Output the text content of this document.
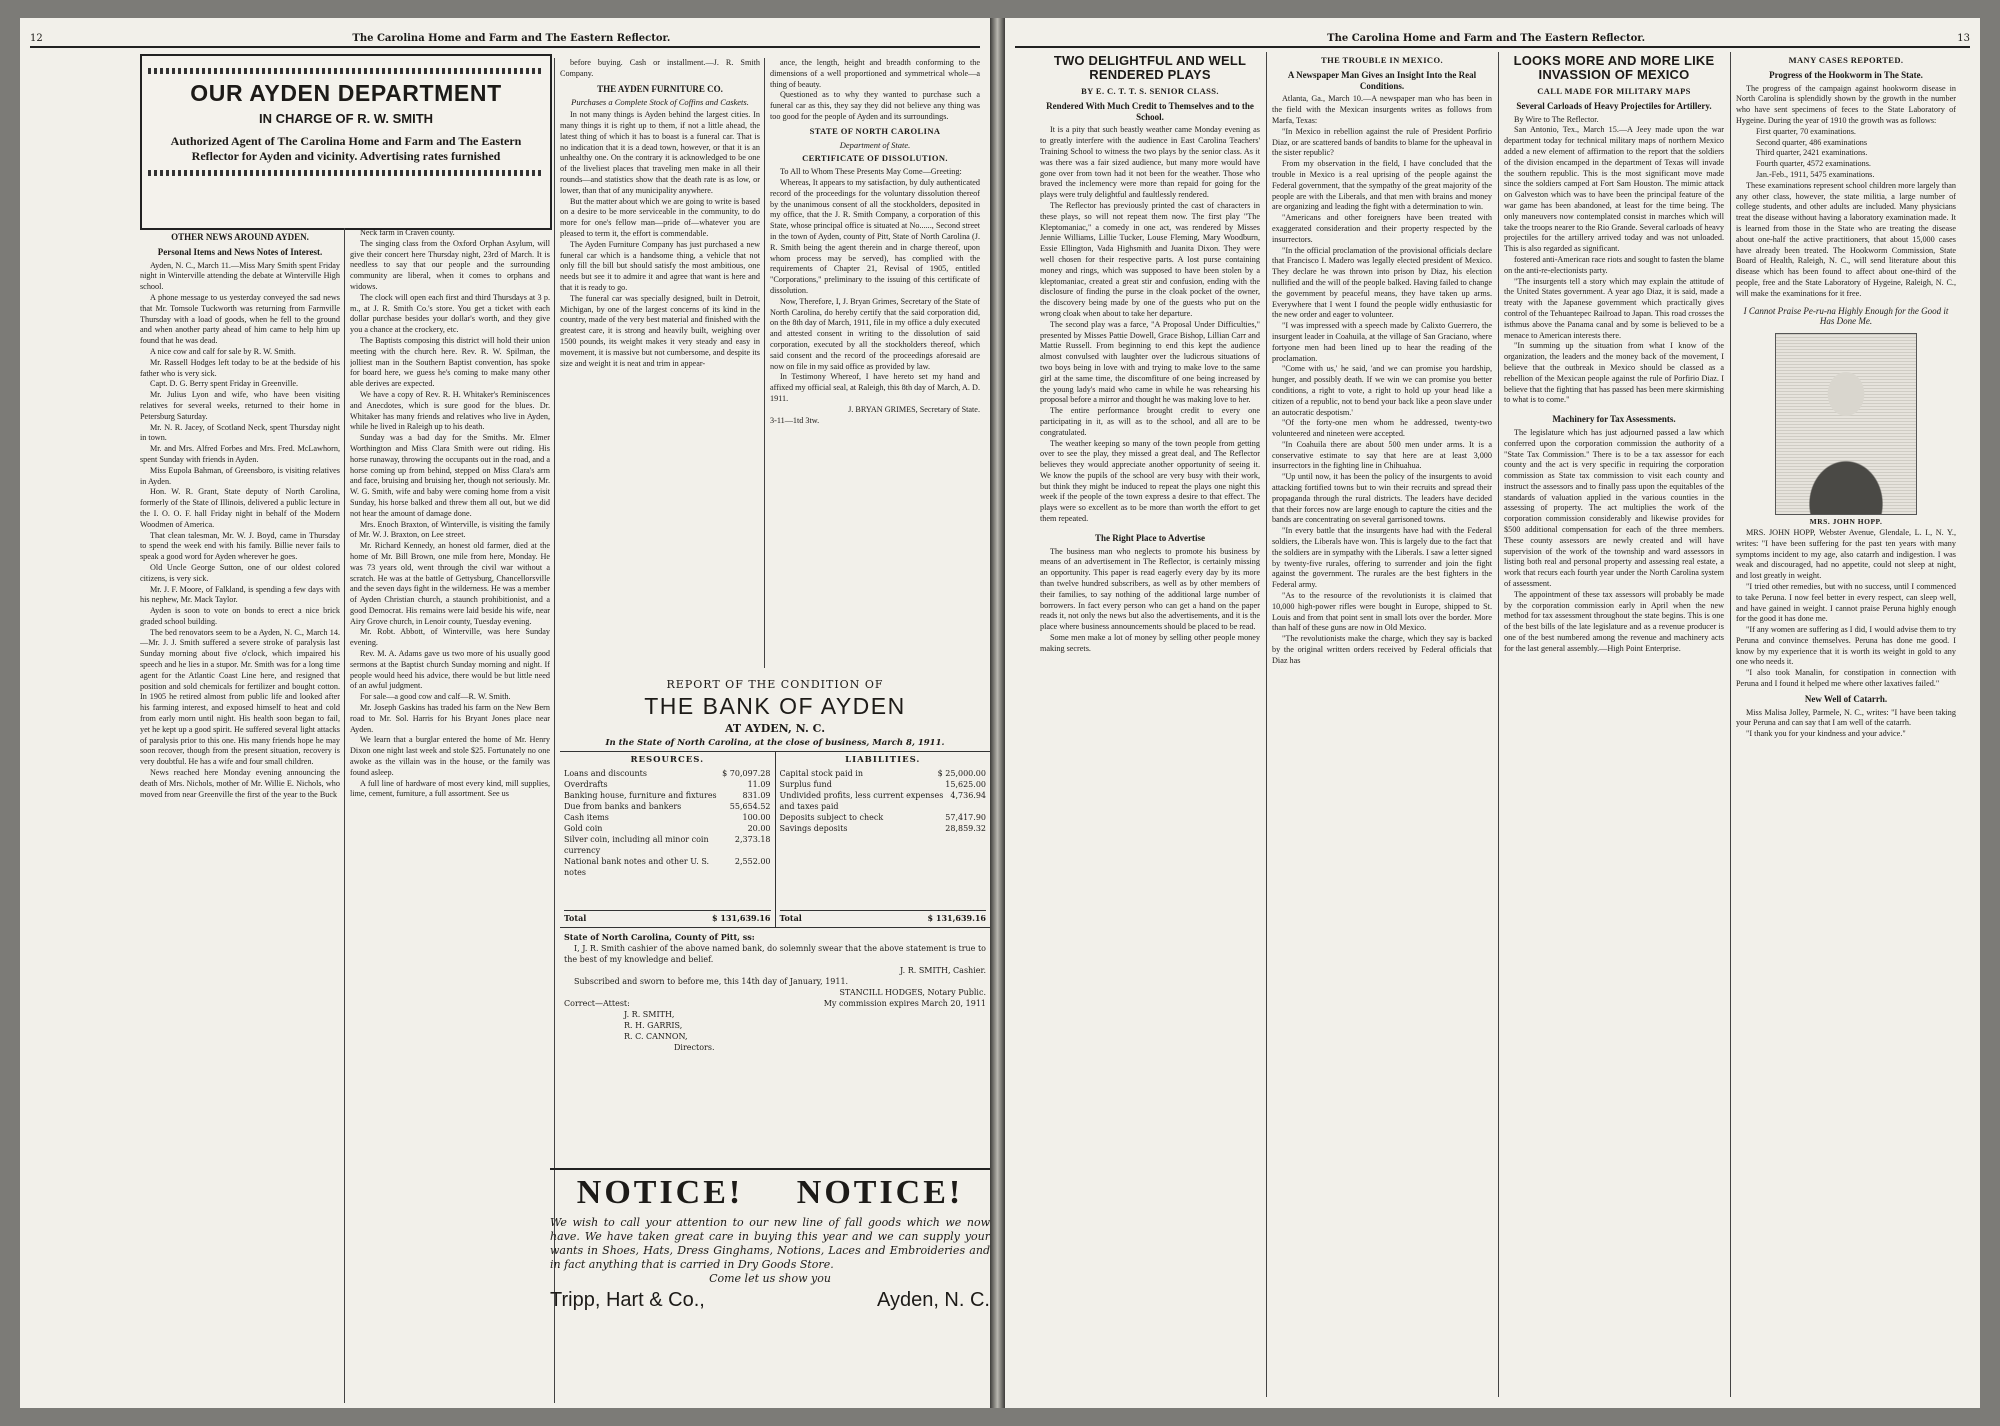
12	The Carolina Home and Farm and The Eastern Reflector.
OUR AYDEN DEPARTMENT
IN CHARGE OF R. W. SMITH
Authorized Agent of The Carolina Home and Farm and The Eastern Reflector for Ayden and vicinity. Advertising rates furnished
OTHER NEWS AROUND AYDEN.
Personal Items and News Notes of Interest.

Ayden, N. C., March 11.—Miss Mary Smith spent Friday night in Winterville attending the debate at Winterville High school.

A phone message to us yesterday conveyed the sad news that Mr. Tomsole Tuckworth was returning from Farmville Thursday with a load of goods, when he fell to the ground and when another party ahead of him came to help him up found that he was dead.

A nice cow and calf for sale by R. W. Smith.

Mr. Rassell Hodges left today to be at the bedside of his father who is very sick.

Capt. D. G. Berry spent Friday in Greenville.

Mr. Julius Lyon and wife, who have been visiting relatives for several weeks, returned to their home in Petersburg Saturday.

Mr. N. R. Jacey, of Scotland Neck, spent Thursday night in town.

Mr. and Mrs. Alfred Forbes and Mrs. Fred. McLawhorn, spent Sunday with friends in Ayden.

Miss Eupola Bahman, of Greensboro, is visiting relatives in Ayden.

Hon. W. R. Grant, State deputy of North Carolina, formerly of the State of Illinois, delivered a public lecture in the I. O. O. F. hall Friday night in behalf of the Modern Woodmen of America.

That clean talesman, Mr. W. J. Boyd, came in Thursday to spend the week end with his family. Billie never fails to speak a good word for Ayden wherever he goes.

Old Uncle George Sutton, one of our oldest colored citizens, is very sick.

Mr. J. F. Moore, of Falkland, is spending a few days with his nephew, Mr. Mack Taylor.

Ayden is soon to vote on bonds to erect a nice brick graded school building.

The bed renovators seem to be a Ayden, N. C., March 14.—Mr. J. J. Smith suffered a severe stroke of paralysis last Sunday morning about five o'clock, which impaired his speech and he lies in a stupor. Mr. Smith was for a long time agent for the Atlantic Coast Line here, and resigned that position and sold chemicals for fertilizer and bought cotton. In 1905 he retired almost from public life and looked after his farming interest, and exposed himself to heat and cold from early morn until night. His health soon began to fail, yet he kept up a good spirit. He suffered several light attacks of paralysis prior to this one. His many friends hope he may soon recover, though from the present situation, recovery is very doubtful. He has a wife and four small children.

News reached here Monday evening announcing the death of Mrs. Nichols, mother of Mr. Willie E. Nichols, who moved from near Greenville the first of the year to the Buck

Neck farm in Craven county.

The singing class from the Oxford Orphan Asylum, will give their concert here Thursday night, 23rd of March. It is needless to say that our people and the surrounding community are liberal, when it comes to orphans and widows.

The clock will open each first and third Thursdays at 3 p. m., at J. R. Smith Co.'s store. You get a ticket with each dollar purchase besides your dollar's worth, and they give you a chance at the crockery, etc.

The Baptists composing this district will hold their union meeting with the church here. Rev. R. W. Spilman, the jolliest man in the Southern Baptist convention, has spoke for board here, we guess he's coming to make many other able derives are expected.

We have a copy of Rev. R. H. Whitaker's Reminiscences and Anecdotes, which is sure good for the blues. Dr. Whitaker has many friends and relatives who live in Ayden, while he lived in Raleigh up to his death.

Sunday was a bad day for the Smiths. Mr. Elmer Worthington and Miss Clara Smith were out riding. His horse runaway, throwing the occupants out in the road, and a horse coming up from behind, stepped on Miss Clara's arm and face, bruising and bruising her, though not seriously. Mr. W. G. Smith, wife and baby were coming home from a visit Sunday, his horse balked and threw them all out, but we did not hear the amount of damage done.

Mrs. Enoch Braxton, of Winterville, is visiting the family of Mr. W. J. Braxton, on Lee street.

Mr. Richard Kennedy, an honest old farmer, died at the home of Mr. Bill Brown, one mile from here, Monday. He was 73 years old, went through the civil war without a scratch. He was at the battle of Gettysburg, Chancellorsville and the seven days fight in the wilderness. He was a member of Ayden Christian church, a staunch prohibitionist, and a good Democrat. His remains were laid beside his wife, near Airy Grove church, in Lenoir county, Tuesday evening.

Mr. Robt. Abbott, of Winterville, was here Sunday evening.

Rev. M. A. Adams gave us two more of his usually good sermons at the Baptist church Sunday morning and night. If people would heed his advice, there would be but little need of an awful judgment.

For sale—a good cow and calf—R. W. Smith.

Mr. Joseph Gaskins has traded his farm on the New Bern road to Mr. Sol. Harris for his Bryant Jones place near Ayden.

We learn that a burglar entered the home of Mr. Henry Dixon one night last week and stole $25. Fortunately no one awoke as the villain was in the house, or the family was found asleep.

A full line of hardware of most every kind, mill supplies, lime, cement, furniture, a full assortment. See us

before buying. Cash or installment.—J. R. Smith Company.

THE AYDEN FURNITURE CO.
Purchases a Complete Stock of Coffins and Caskets.

In not many things is Ayden behind the largest cities. In many things it is right up to them, if not a little ahead, the latest thing of which it has to boast is a funeral car. That is no indication that it is a dead town, however, or that it is an unhealthy one. On the contrary it is acknowledged to be one of the liveliest places that traveling men make in all their rounds—and statistics show that the death rate is as low, or lower, than that of any municipality anywhere.

But the matter about which we are going to write is based on a desire to be more serviceable in the community, to do more for one's fellow man—pride of—whatever you are pleased to term it, the effort is commendable.

The Ayden Furniture Company has just purchased a new funeral car which is a handsome thing, a vehicle that not only fill the bill but should satisfy the most ambitious, one needs but see it to admire it and agree that want is here and that it is ready to go.

The funeral car was specially designed, built in Detroit, Michigan, by one of the largest concerns of its kind in the country, made of the very best material and finished with the greatest care, it is strong and heavily built, weighing over 1500 pounds, its weight makes it very steady and easy in movement, it is massive but not cumbersome, and despite its size and weight it is neat and trim in appear-

ance, the length, height and breadth conforming to the dimensions of a well proportioned and symmetrical whole—a thing of beauty.

Questioned as to why they wanted to purchase such a funeral car as this, they say they did not believe any thing was too good for the people of Ayden and its surroundings.

STATE OF NORTH CAROLINA
Department of State.
CERTIFICATE OF DISSOLUTION.

To All to Whom These Presents May Come—Greeting:

Whereas, It appears to my satisfaction, by duly authenticated record of the proceedings for the voluntary dissolution thereof by the unanimous consent of all the stockholders, deposited in my office, that the J. R. Smith Company, a corporation of this State, whose principal office is situated at No......, Second street in the town of Ayden, county of Pitt, State of North Carolina (J. R. Smith being the agent therein and in charge thereof, upon whom process may be served), has complied with the requirements of Chapter 21, Revisal of 1905, entitled "Corporations," preliminary to the issuing of this certificate of dissolution.

Now, Therefore, I, J. Bryan Grimes, Secretary of the State of North Carolina, do hereby certify that the said corporation did, on the 8th day of March, 1911, file in my office a duly executed and attested consent in writing to the dissolution of said corporation, executed by all the stockholders thereof, which said consent and the record of the proceedings aforesaid are now on file in my said office as provided by law.

In Testimony Whereof, I have hereto set my hand and affixed my official seal, at Raleigh, this 8th day of March, A. D. 1911.

J. BRYAN GRIMES, Secretary of State.
3-11—1td 3tw.
REPORT OF THE CONDITION OF
THE BANK OF AYDEN
AT AYDEN, N. C.
In the State of North Carolina, at the close of business, March 8, 1911.
RESOURCES.
Loans and discounts	$ 70,097.28
Overdrafts	11.09
Banking house, furniture and fixtures	831.09
Due from banks and bankers	55,654.52
Cash items	100.00
Gold coin	20.00
Silver coin, including all minor coin currency
2,373.18
National bank notes and other U. S. notes
2,552.00
Total	$ 131,639.16
LIABILITIES.
Capital stock paid in	$ 25,000.00
Surplus fund	15,625.00
Undivided profits, less current expenses and taxes paid
4,736.94
Deposits subject to check	57,417.90
Savings deposits	28,859.32
Total	$ 131,639.16
State of North Carolina, County of Pitt, ss:
I, J. R. Smith cashier of the above named bank, do solemnly swear that the above statement is true to the best of my knowledge and belief.
J. R. SMITH, Cashier.
Subscribed and sworn to before me, this 14th day of January, 1911.
STANCILL HODGES, Notary Public.
Correct—Attest:
J. R. SMITH,
R. H. GARRIS,
R. C. CANNON,
Directors.
My commission expires March 20, 1911
NOTICE! NOTICE!
We wish to call your attention to our new line of fall goods which we now have. We have taken great care in buying this year and we can supply your wants in Shoes, Hats, Dress Ginghams, Notions, Laces and Embroideries and in fact anything that is carried in Dry Goods Store.
Come let us show you
Tripp, Hart & Co.,	Ayden, N. C.
The Carolina Home and Farm and The Eastern Reflector.	13
TWO DELIGHTFUL AND WELL RENDERED PLAYS
BY E. C. T. T. S. SENIOR CLASS.
Rendered With Much Credit to Themselves and to the School.

It is a pity that such beastly weather came Monday evening as to greatly interfere with the audience in East Carolina Teachers' Training School to witness the two plays by the senior class. As it was there was a fair sized audience, but many more would have gone over from town had it not been for the weather. Those who braved the inclemency were more than repaid for going for the plays were truly delightful and faultlessly rendered.

The Reflector has previously printed the cast of characters in these plays, so will not repeat them now. The first play "The Kleptomaniac," a comedy in one act, was rendered by Misses Jennie Williams, Lillie Tucker, Louse Fleming, Mary Woodburn, Essie Ellington, Vada Highsmith and Juanita Dixon. They were well chosen for their respective parts. A lost purse containing money and rings, which was supposed to have been stolen by a kleptomaniac, created a great stir and confusion, ending with the disclosure of finding the purse in the cloak pocket of the owner, the discovery being made by one of the guests who put on the wrong cloak when about to take her departure.

The second play was a farce, "A Proposal Under Difficulties," presented by Misses Pattie Dowell, Grace Bishop, Lillian Carr and Mattie Russell. From beginning to end this kept the audience almost convulsed with laughter over the ludicrous situations of two boys being in love with and trying to make love to the same girl at the same time, the discomfiture of one being increased by the young lady's maid who came in while he was rehearsing his proposal before a mirror and thought he was making love to her.

The entire performance brought credit to every one participating in it, as will as to the school, and all are to be congratulated.

The weather keeping so many of the town people from getting over to see the play, they missed a great deal, and The Reflector believes they would appreciate another opportunity of seeing it. We know the pupils of the school are very busy with their work, but think they might be induced to repeat the plays one night this week if the people of the town express a desire to that effect. The plays were so excellent as to be more than worth the effort to get them repeated.

The Right Place to Advertise

The business man who neglects to promote his business by means of an advertisement in The Reflector, is certainly missing an opportunity. This paper is read eagerly every day by its more than twelve hundred subscribers, as well as by other members of their families, to say nothing of the additional large number of borrowers. In fact every person who can get a hand on the paper reads it, not only the news but also the advertisements, and it is the place where business announcements should be placed to be read.

Some men make a lot of money by selling other people money making secrets.

THE TROUBLE IN MEXICO.
A Newspaper Man Gives an Insight Into the Real Conditions.

Atlanta, Ga., March 10.—A newspaper man who has been in the field with the Mexican insurgents writes as follows from Marfa, Texas:

"In Mexico in rebellion against the rule of President Porfirio Diaz, or are scattered bands of bandits to blame for the upheaval in the sister republic?

From my observation in the field, I have concluded that the trouble in Mexico is a real uprising of the people against the Federal government, that the sympathy of the great majority of the people are with the Liberals, and that men with brains and money are organizing and leading the fight with a determination to win.

"Americans and other foreigners have been treated with exaggerated consideration and their property respected by the insurrectors.

"In the official proclamation of the provisional officials declare that Francisco I. Madero was legally elected president of Mexico. They declare he was thrown into prison by Diaz, his election nullified and the will of the people balked. Having failed to change the government by peaceful means, they have taken up arms. Everywhere that I went I found the people widly enthusiastic for the new order and eager to volunteer.

"I was impressed with a speech made by Calixto Guerrero, the insurgent leader in Coahuila, at the village of San Graciano, where fortyone men had been lined up to hear the reading of the proclamation.

"Come with us,' he said, 'and we can promise you hardship, hunger, and possibly death. If we win we can promise you better conditions, a right to vote, a right to hold up your head like a citizen of a republic, not to bend your back like a peon slave under an autocratic despotism.'

"Of the forty-one men whom he addressed, twenty-two volunteered and nineteen were accepted.

"In Coahuila there are about 500 men under arms. It is a conservative estimate to say that here are at least 3,000 insurrectors in the fighting line in Chihuahua.

"Up until now, it has been the policy of the insurgents to avoid attacking fortified towns but to win their recruits and spread their propaganda through the rural districts. The leaders have decided that their forces now are large enough to capture the cities and the bands are concentrating on several garrisoned towns.

"In every battle that the insurgents have had with the Federal soldiers, the Liberals have won. This is largely due to the fact that the soldiers are in sympathy with the Liberals. I saw a letter signed by twenty-five rurales, offering to surrender and join the fight against the government. The rurales are the best fighters in the Federal army.

"As to the resource of the revolutionists it is claimed that 10,000 high-power rifles were bought in Europe, shipped to St. Louis and from that point sent in small lots over the border. More than half of these guns are now in Old Mexico.

"The revolutionists make the charge, which they say is backed by the original written orders received by Federal officials that Diaz has

LOOKS MORE AND MORE LIKE INVASSION OF MEXICO
CALL MADE FOR MILITARY MAPS
Several Carloads of Heavy Projectiles for Artillery.

By Wire to The Reflector.

San Antonio, Tex., March 15.—A Jeey made upon the war department today for technical military maps of northern Mexico added a new element of affirmation to the report that the soldiers of the division encamped in the department of Texas will invade the southern republic. This is the most significant move made since the soldiers camped at Fort Sam Houston. The mimic attack on Galveston which was to have been the principal feature of the war game has been abandoned, at least for the time being. The only maneuvers now contemplated consist in marches which will take the troops nearer to the Rio Grande. Several carloads of heavy projectiles for the artillery arrived today and was not unloaded. This is also regarded as significant.

fostered anti-American race riots and sought to fasten the blame on the anti-re-electionists party.

"The insurgents tell a story which may explain the attitude of the United States government. A year ago Diaz, it is said, made a treaty with the Japanese government which practically gives control of the Tehuantepec Railroad to Japan. This road crosses the isthmus above the Panama canal and by some is believed to be a menace to American interests there.

"In summing up the situation from what I know of the organization, the leaders and the money back of the movement, I believe that the outbreak in Mexico should be classed as a rebellion of the Mexican people against the rule of Porfirio Diaz. I believe that the fighting that has passed has been mere skirmishing to what is to come."

Machinery for Tax Assessments.

The legislature which has just adjourned passed a law which conferred upon the corporation commission the authority of a "State Tax Commission." There is to be a tax assessor for each county and the act is very specific in requiring the corporation commission as State tax commission to visit each county and instruct the assessors and to finally pass upon the equitables of the standards of valuation applied in the various counties in the assessing of property. The act multiplies the work of the corporation commission considerably and likewise provides for $500 additional compensation for each of the three members. These county assessors are newly created and will have supervision of the work of the township and ward assessors in listing both real and personal property and assessing real estate, a work that recurs each fourth year under the North Carolina system of assessment.

The appointment of these tax assessors will probably be made by the corporation commission early in April when the new method for tax assessment throughout the state begins. This is one of the best bills of the late legislature and as a revenue producer is one of the best numbered among the revenue and machinery acts for the last general assembly.—High Point Enterprise.

MANY CASES REPORTED.
Progress of the Hookworm in The State.

The progress of the campaign against hookworm disease in North Carolina is splendidly shown by the growth in the number who have sent specimens of feces to the State Laboratory of Hygeine. During the year of 1910 the growth was as follows:

First quarter, 70 examinations.
Second quarter, 486 examinations
Third quarter, 2421 examinations.
Fourth quarter, 4572 examinations.
Jan.-Feb., 1911, 5475 examinations.

These examinations represent school children more largely than any other class, however, the state militia, a large number of college students, and other adults are included. Many physicians treat the disease without having a laboratory examination made. It is learned from those in the State who are treating the disease about one-half the active practitioners, that about 15,000 cases have already been treated. The Hookworm Commission, State Board of Health, Raleigh, N. C., will send literature about this disease which has been found to affect about one-third of the people, free and the State Laboratory of Hygeine, Raleigh, N. C., will make the examinations for it free.

I Cannot Praise Pe-ru-na Highly Enough for the Good it Has Done Me.
MRS. JOHN HOPP.

MRS. JOHN HOPP, Webster Avenue, Glendale, L. I., N. Y., writes: "I have been suffering for the past ten years with many symptoms incident to my age, also catarrh and indigestion. I was weak and discouraged, had no appetite, could not sleep at night, and lost greatly in weight.

"I tried other remedies, but with no success, until I commenced to take Peruna. I now feel better in every respect, can sleep well, and have gained in weight. I cannot praise Peruna highly enough for the good it has done me.

"If any women are suffering as I did, I would advise them to try Peruna and convince themselves. Peruna has done me good. I know by my experience that it is worth its weight in gold to any one who needs it.

"I also took Manalin, for constipation in connection with Peruna and I found it helped me where other laxatives failed."

New Well of Catarrh.

Miss Malisa Jolley, Parmele, N. C., writes: "I have been taking your Peruna and can say that I am well of the catarrh.

"I thank you for your kindness and your advice."
